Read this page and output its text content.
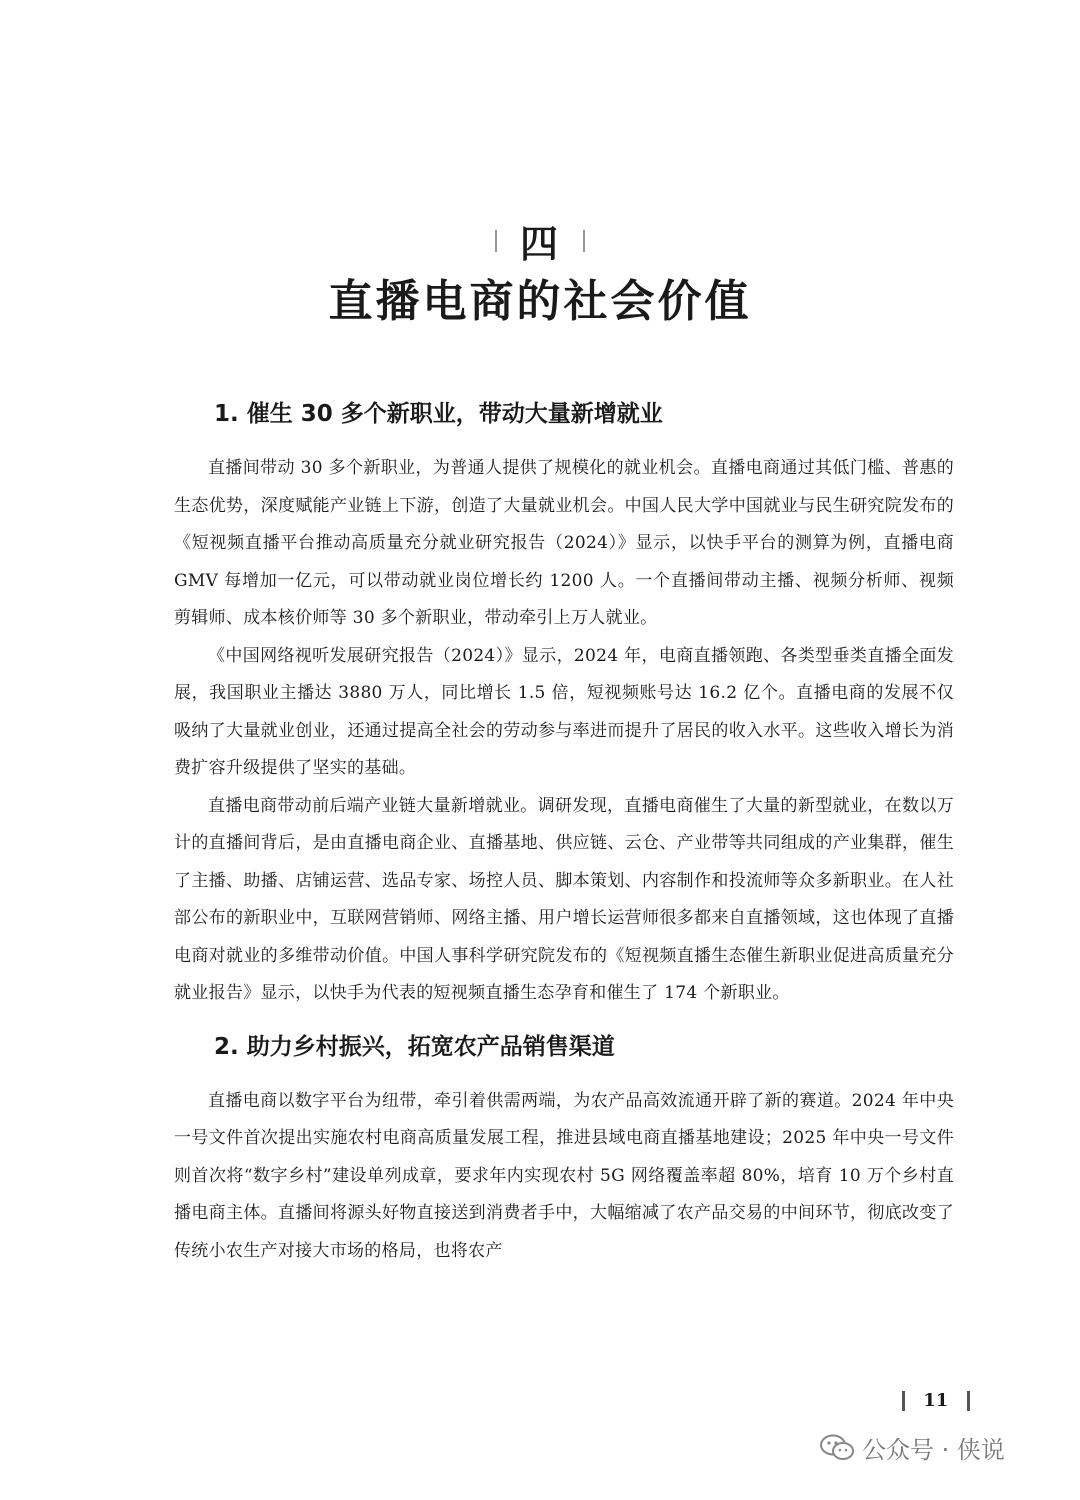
四
直播电商的社会价值
1. 催生 30 多个新职业，带动大量新增就业

直播间带动 30 多个新职业，为普通人提供了规模化的就业机会。直播电商通过其低门槛、普惠的生态优势，深度赋能产业链上下游，创造了大量就业机会。中国人民大学中国就业与民生研究院发布的《短视频直播平台推动高质量充分就业研究报告（2024）》显示，以快手平台的测算为例，直播电商 GMV 每增加一亿元，可以带动就业岗位增长约 1200 人。一个直播间带动主播、视频分析师、视频剪辑师、成本核价师等 30 多个新职业，带动牵引上万人就业。

《中国网络视听发展研究报告（2024）》显示，2024 年，电商直播领跑、各类型垂类直播全面发展，我国职业主播达 3880 万人，同比增长 1.5 倍，短视频账号达 16.2 亿个。直播电商的发展不仅吸纳了大量就业创业，还通过提高全社会的劳动参与率进而提升了居民的收入水平。这些收入增长为消费扩容升级提供了坚实的基础。

直播电商带动前后端产业链大量新增就业。调研发现，直播电商催生了大量的新型就业，在数以万计的直播间背后，是由直播电商企业、直播基地、供应链、云仓、产业带等共同组成的产业集群，催生了主播、助播、店铺运营、选品专家、场控人员、脚本策划、内容制作和投流师等众多新职业。在人社部公布的新职业中，互联网营销师、网络主播、用户增长运营师很多都来自直播领域，这也体现了直播电商对就业的多维带动价值。中国人事科学研究院发布的《短视频直播生态催生新职业促进高质量充分就业报告》显示，以快手为代表的短视频直播生态孕育和催生了 174 个新职业。

2. 助力乡村振兴，拓宽农产品销售渠道

直播电商以数字平台为纽带，牵引着供需两端，为农产品高效流通开辟了新的赛道。2024 年中央一号文件首次提出实施农村电商高质量发展工程，推进县域电商直播基地建设；2025 年中央一号文件则首次将“数字乡村”建设单列成章，要求年内实现农村 5G 网络覆盖率超 80%，培育 10 万个乡村直播电商主体。直播间将源头好物直接送到消费者手中，大幅缩减了农产品交易的中间环节，彻底改变了传统小农生产对接大市场的格局，也将农产

11
公众号 · 侠说
